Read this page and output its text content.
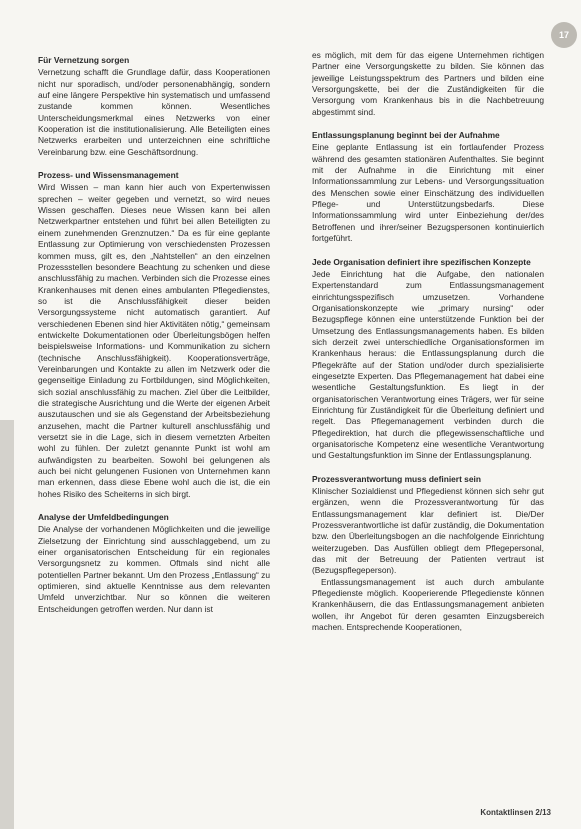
17
Für Vernetzung sorgen

Vernetzung schafft die Grundlage dafür, dass Kooperationen nicht nur sporadisch, und/oder personenabhängig, sondern auf eine längere Perspektive hin systematisch und umfassend zustande kommen können. Wesentliches Unterscheidungsmerkmal eines Netzwerks von einer Kooperation ist die institutionalisierung. Alle Beteiligten eines Netzwerks erarbeiten und unterzeichnen eine schriftliche Vereinbarung bzw. eine Geschäftsordnung.

Prozess- und Wissensmanagement

Wird Wissen – man kann hier auch von Expertenwissen sprechen – weiter gegeben und vernetzt, so wird neues Wissen geschaffen. Dieses neue Wissen kann bei allen Netzwerkpartner entstehen und führt bei allen Beteiligten zu einem zunehmenden Grenznutzen.“ Da es für eine geplante Entlassung zur Optimierung von verschiedensten Prozessen kommen muss, gilt es, den „Nahtstellen“ an den einzelnen Prozessstellen besondere Beachtung zu schenken und diese anschlussfähig zu machen. Verbinden sich die Prozesse eines Krankenhauses mit denen eines ambulanten Pflegedienstes, so ist die Anschlussfähigkeit dieser beiden Versorgungssysteme nicht automatisch garantiert. Auf verschiedenen Ebenen sind hier Aktivitäten nötig,“ gemeinsam entwickelte Dokumentationen oder Überleitungsbögen helfen beispielsweise Informations- und Kommunikation zu sichern (technische Anschlussfähigkeit). Kooperationsverträge, Vereinbarungen und Kontakte zu allen im Netzwerk oder die gegenseitige Einladung zu Fortbildungen, sind Möglichkeiten, sich sozial anschlussfähig zu machen. Ziel über die Leitbilder, die strategische Ausrichtung und die Werte der eigenen Arbeit auszutauschen und sie als Gegenstand der Arbeitsbeziehung anzusehen, macht die Partner kulturell anschlussfähig und versetzt sie in die Lage, sich in diesem vernetzten Arbeiten wohl zu fühlen. Der zuletzt genannte Punkt ist wohl am aufwändigsten zu bearbeiten. Sowohl bei gelungenen als auch bei nicht gelungenen Fusionen von Unternehmen kann man erkennen, dass diese Ebene wohl auch die ist, die ein hohes Risiko des Scheiterns in sich birgt.

Analyse der Umfeldbedingungen

Die Analyse der vorhandenen Möglichkeiten und die jeweilige Zielsetzung der Einrichtung sind ausschlaggebend, um zu einer organisatorischen Entscheidung für ein regionales Versorgungsnetz zu kommen. Oftmals sind nicht alle potentiellen Partner bekannt. Um den Prozess „Entlassung“ zu optimieren, sind aktuelle Kenntnisse aus dem relevanten Umfeld unverzichtbar. Nur so können die weiteren Entscheidungen getroffen werden. Nur dann ist

es möglich, mit dem für das eigene Unternehmen richtigen Partner eine Versorgungskette zu bilden. Sie können das jeweilige Leistungsspektrum des Partners und bilden eine Versorgungskette, bei der die Zuständigkeiten für die Versorgung vom Krankenhaus bis in die Nachbetreuung abgestimmt sind.

Entlassungsplanung beginnt bei der Aufnahme

Eine geplante Entlassung ist ein fortlaufender Prozess während des gesamten stationären Aufenthaltes. Sie beginnt mit der Aufnahme in die Einrichtung mit einer Informationssammlung zur Lebens- und Versorgungssituation des Menschen sowie einer Einschätzung des individuellen Pflege- und Unterstützungsbedarfs. Diese Informationssammlung wird unter Einbeziehung der/des Betroffenen und ihrer/seiner Bezugspersonen kontinuierlich fortgeführt.

Jede Organisation definiert ihre spezifischen Konzepte

Jede Einrichtung hat die Aufgabe, den nationalen Expertenstandard zum Entlassungsmanagement einrichtungsspezifisch umzusetzen. Vorhandene Organisationskonzepte wie „primary nursing“ oder Bezugspflege können eine unterstützende Funktion bei der Umsetzung des Entlassungsmanagements haben. Es bilden sich derzeit zwei unterschiedliche Organisationsformen im Krankenhaus heraus: die Entlassungsplanung durch die Pflegekräfte auf der Station und/oder durch spezialisierte eingesetzte Experten. Das Pflegemanagement hat dabei eine wesentliche Gestaltungsfunktion. Es liegt in der organisatorischen Verantwortung eines Trägers, wer für seine Einrichtung für Zuständigkeit für die Überleitung definiert und regelt. Das Pflegemanagement verbinden durch die Pflegedirektion, hat durch die pflegewissenschaftliche und organisatorische Kompetenz eine wesentliche Verantwortung und Gestaltungsfunktion im Sinne der Entlassungsplanung.

Prozessverantwortung muss definiert sein

Klinischer Sozialdienst und Pflegedienst können sich sehr gut ergänzen, wenn die Prozessverantwortung für das Entlassungsmanagement klar definiert ist. Die/Der Prozessverantwortliche ist dafür zuständig, die Dokumentation bzw. den Überleitungsbogen an die nachfolgende Einrichtung weiterzugeben. Das Ausfüllen obliegt dem Pflegepersonal, das mit der Betreuung der Patienten vertraut ist (Bezugspflegeperson).

Entlassungsmanagement ist auch durch ambulante Pflegedienste möglich. Kooperierende Pflegedienste können Krankenhäusern, die das Entlassungsmanagement anbieten wollen, ihr Angebot für deren gesamten Einzugsbereich machen. Entsprechende Kooperationen,

Kontaktlinsen 2/13
